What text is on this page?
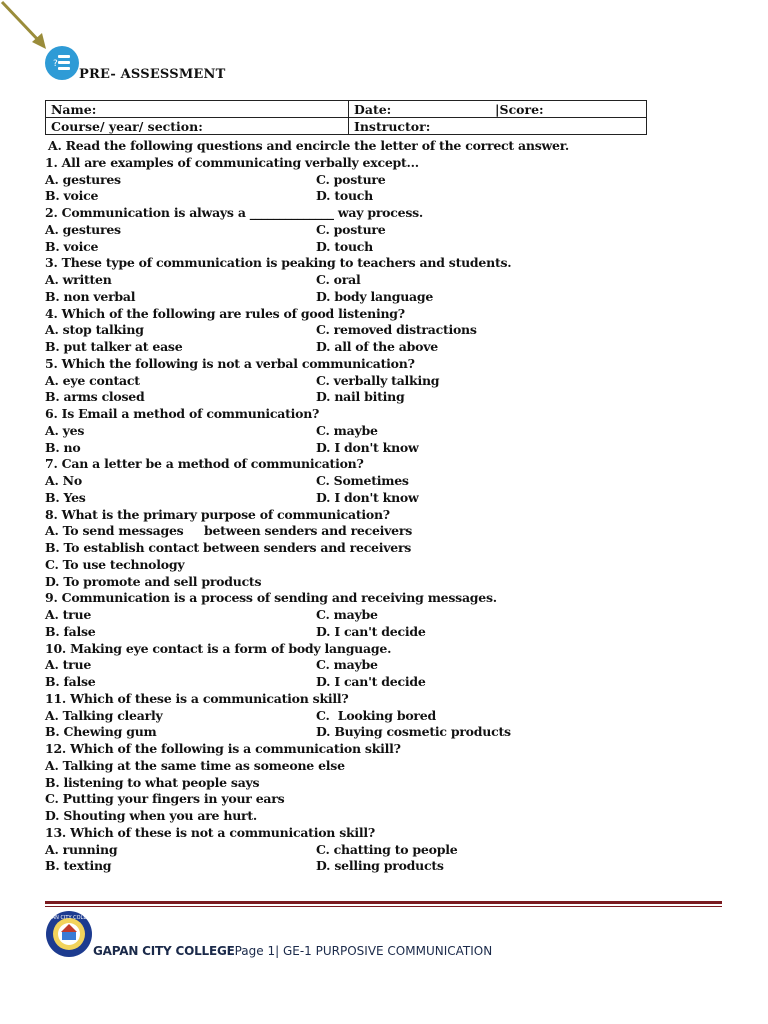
?
PRE- ASSESSMENT
Name:	Date: |Score:

Course/ year/ section:	Instructor:
A. Read the following questions and encircle the letter of the correct answer.
1. All are examples of communicating verbally except...
A. gestures	C. posture
B. voice	D. touch
2. Communication is always a ______________ way process.
A. gestures	C. posture
B. voice	D. touch
3. These type of communication is peaking to teachers and students.
A. written	C. oral
B. non verbal	D. body language
4. Which of the following are rules of good listening?
A. stop talking	C. removed distractions
B. put talker at ease	D. all of the above
5. Which the following is not a verbal communication?
A. eye contact	C. verbally talking
B. arms closed	D. nail biting
6. Is Email a method of communication?
A. yes	C. maybe
B. no	D. I don't know
7. Can a letter be a method of communication?
A. No	C. Sometimes
B. Yes	D. I don't know
8. What is the primary purpose of communication?
A. To send messages     between senders and receivers
B. To establish contact between senders and receivers
C. To use technology
D. To promote and sell products
9. Communication is a process of sending and receiving messages.
A. true	C. maybe
B. false	D. I can't decide
10. Making eye contact is a form of body language.
A. true	C. maybe
B. false	D. I can't decide
11. Which of these is a communication skill?
A. Talking clearly	C.  Looking bored
B. Chewing gum	D. Buying cosmetic products
12. Which of the following is a communication skill?
A. Talking at the same time as someone else
B. listening to what people says
C. Putting your fingers in your ears
D. Shouting when you are hurt.
13. Which of these is not a communication skill?
A. running	C. chatting to people
B. texting	D. selling products
GAPAN CITY COLLEGE
GAPAN CITY COLLEGEPage 1| GE-1 PURPOSIVE COMMUNICATION
